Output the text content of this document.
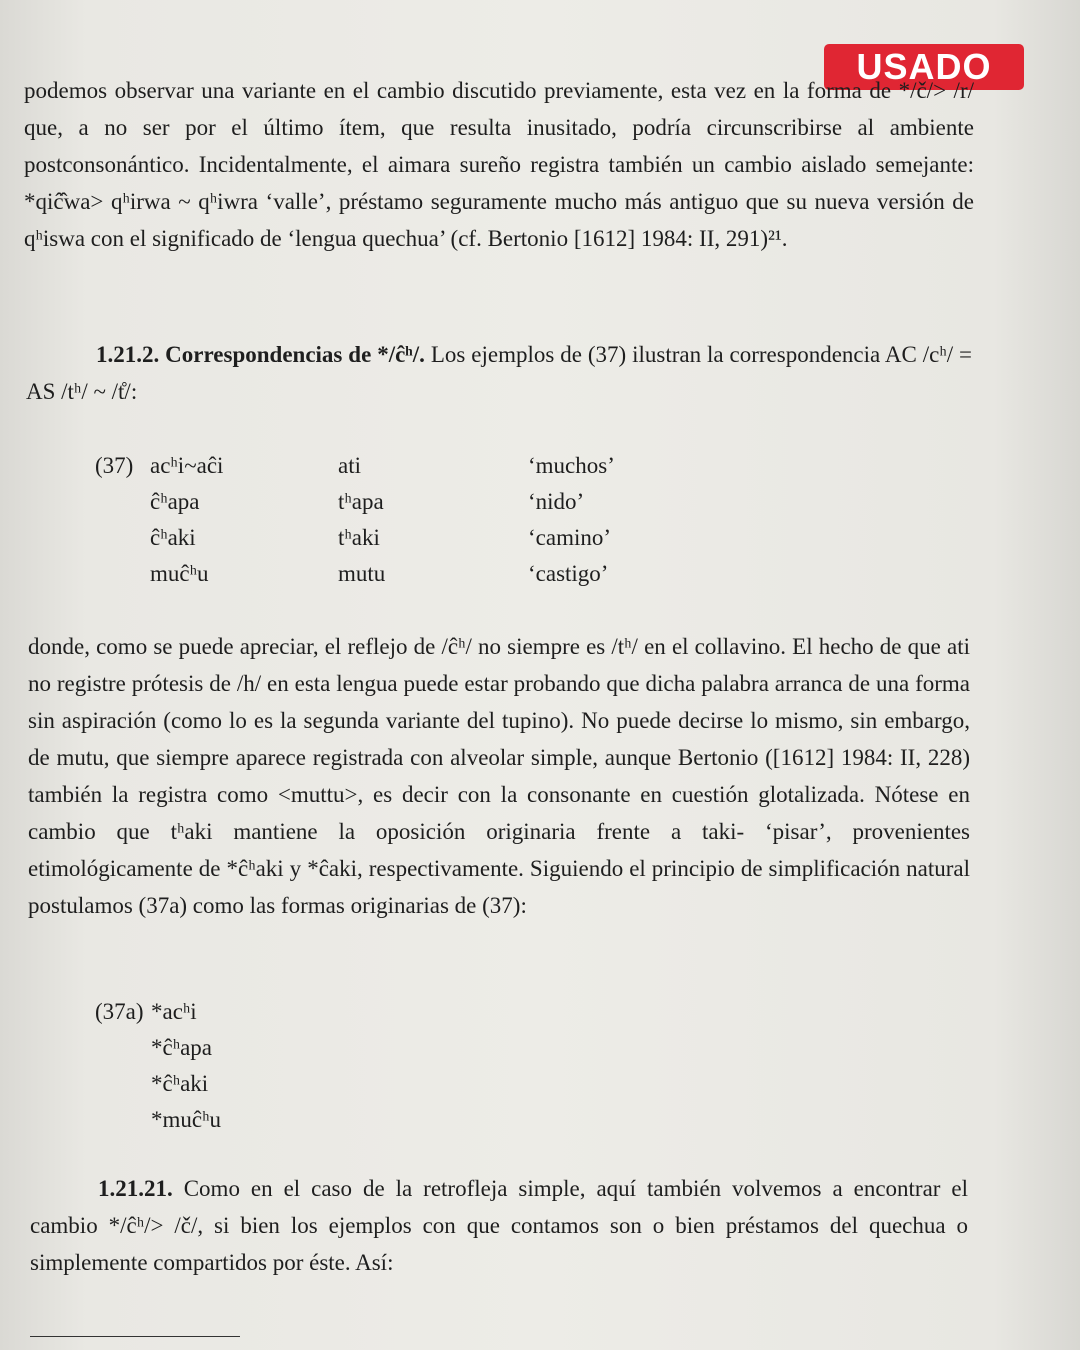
USADO

podemos observar una variante en el cambio discutido previamente, esta vez en la forma de */č/> /r/ que, a no ser por el último ítem, que resulta inusitado, podría circunscribirse al ambiente postconsonántico. Incidentalmente, el aimara sureño registra también un cambio aislado semejante: *qiĉ̂wa> qʰirwa ~ qʰiwra ‘valle’, préstamo seguramente mucho más antiguo que su nueva versión de qʰiswa con el significado de ‘lengua quechua’ (cf. Bertonio [1612] 1984: II, 291)²¹.

1.21.2. Correspondencias de */ĉʰ/. Los ejemplos de (37) ilustran la correspondencia AC /cʰ/ = AS /tʰ/ ~ /t̊/:

(37) acʰi~aĉi	ati	‘muchos’
ĉʰapa	tʰapa	‘nido’
ĉʰaki	tʰaki	‘camino’
muĉʰu	mutu	‘castigo’

donde, como se puede apreciar, el reflejo de /ĉʰ/ no siempre es /tʰ/ en el collavino. El hecho de que ati no registre prótesis de /h/ en esta lengua puede estar probando que dicha palabra arranca de una forma sin aspiración (como lo es la segunda variante del tupino). No puede decirse lo mismo, sin embargo, de mutu, que siempre aparece registrada con alveolar simple, aunque Bertonio ([1612] 1984: II, 228) también la registra como <muttu>, es decir con la consonante en cuestión glotalizada. Nótese en cambio que tʰaki mantiene la oposición originaria frente a taki- ‘pisar’, provenientes etimológicamente de *ĉʰaki y *ĉaki, respectivamente. Siguiendo el principio de simplificación natural postulamos (37a) como las formas originarias de (37):

(37a) *acʰi
*ĉʰapa
*ĉʰaki
*muĉʰu

1.21.21. Como en el caso de la retrofleja simple, aquí también volvemos a encontrar el cambio */ĉʰ/> /č/, si bien los ejemplos con que contamos son o bien préstamos del quechua o simplemente compartidos por éste. Así:
